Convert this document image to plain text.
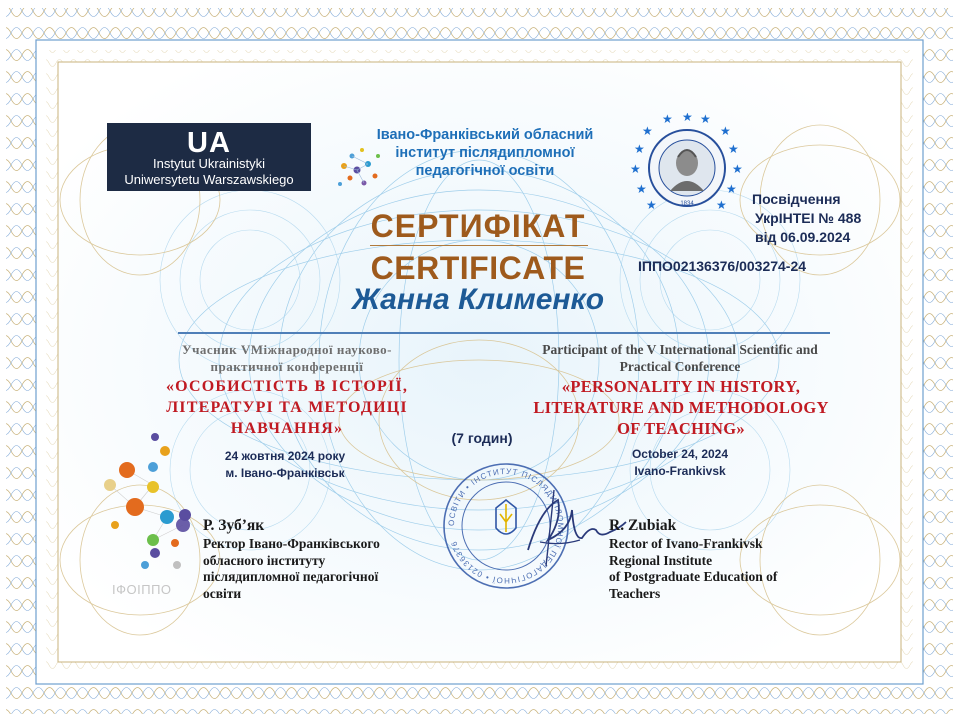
UA
Instytut Ukrainistyki
Uniwersytetu Warszawskiego
Івано-Франківський обласний
інститут післядипломної
педагогічної освіти
★
★
★
★
★
★
★
★
★	★
★ ★
★
1834	Посвідчення
УкрІНТЕІ № 488
від 06.09.2024
СЕРТИФІКАТ
CERTIFICATE	ІППО02136376/003274-24
Жанна Клименко
Учасник VМіжнародної науково-
практичної конференції
«ОСОБИСТІСТЬ В ІСТОРІЇ,
ЛІТЕРАТУРІ ТА МЕТОДИЦІ
НАВЧАННЯ»
24 жовтня 2024 року
м. Івано-Франківськ
Participant of the V International Scientific and
Practical Conference
«PERSONALITY IN HISTORY,
LITERATURE AND METHODOLOGY
OF TEACHING»
October 24, 2024
Ivano-Frankivsk
(7 годин)
ІФОІППО
ОСВІТИ • ІНСТИТУТ ПІСЛЯДИПЛОМНОЇ ПЕДАГОГІЧНОЇ • 02136376
Р. Зуб’як
Ректор Івано-Франківського
обласного інституту
післядипломної педагогічної
освіти
R. Zubiak
Rector of Ivano-Frankivsk
Regional Institute
of Postgraduate Education of
Teachers
